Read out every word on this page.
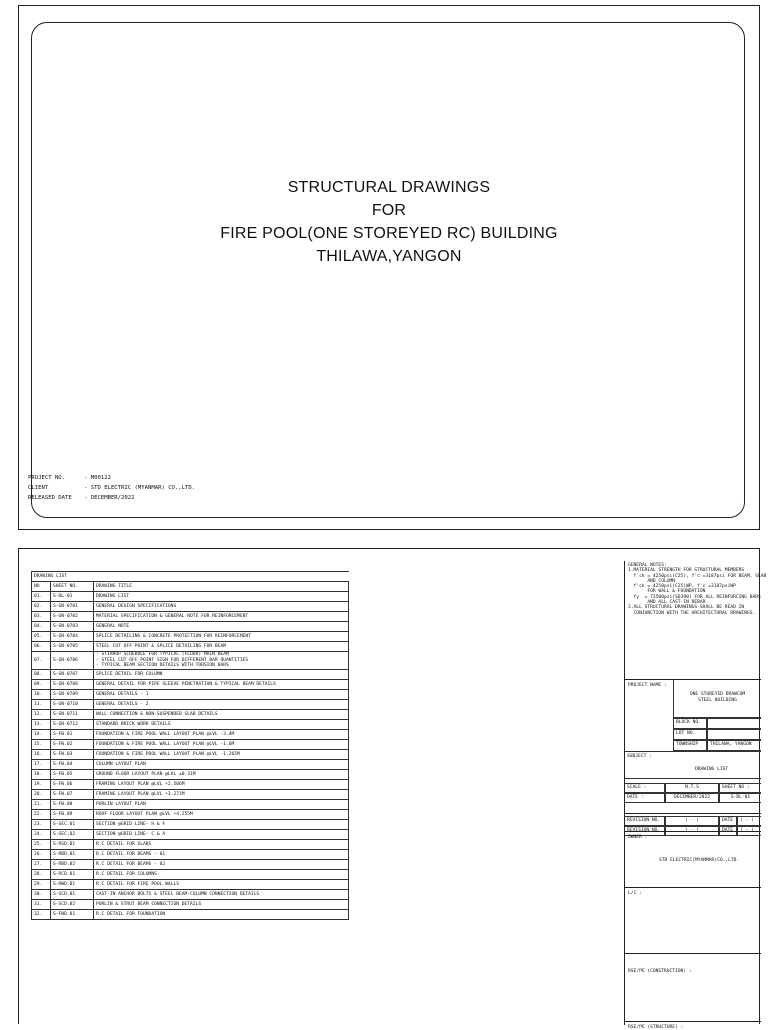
STRUCTURAL DRAWINGS
FOR
FIRE POOL(ONE STOREYED RC) BUILDING
THILAWA,YANGON
PROJECT NO.	- M00122
CLIENT	- STD ELECTRIC (MYANMAR) CO.,LTD.
RELEASED DATE	- DECEMBER/2022
DRAWING LIST		
NO	SHEET NO.	DRAWING TITLE
01.	S-DL-01	DRAWING LIST
02.	S-GN-0701	GENERAL DESIGN SPECIFICATIONS
03.	S-GN-0702	MATERIAL SPECIFICATION & GENERAL NOTE FOR REINFORCEMENT
04.	S-GN-0703	GENERAL NOTE
05.	S-GN-0704	SPLICE DETAILING & CONCRETE PROTECTION FOR REINFORCEMENT
06.	S-GN-0705	STEEL CUT OFF POINT & SPLICE DETAILING FOR BEAM
07.	S-GN-0706	- STIRRUP SCHEDULE FOR TYPICAL (FLOOR) MAIN BEAM
- STEEL CUT OFF POINT SIGN FOR DIFFERENT BAR QUANTITIES
- TYPICAL BEAM SECTION DETAILS WITH TORSION BARS

08.	S-GN-0707	SPLICE DETAIL FOR COLUMN
09.	S-GN-0708	GENERAL DETAIL FOR PIPE SLEEVE PENETRATION & TYPICAL BEAM DETAILS
10.	S-GN-0709	GENERAL DETAILS - 1
11.	S-GN-0710	GENERAL DETAILS - 2
12.	S-GN-0711	WALL CONNECTION & NON-SUSPENDED SLAB DETAILS
13.	S-GN-0712	STANDARD BRICK WORK DETAILS
14.	S-FW.01	FOUNDATION & FIRE POOL WALL LAYOUT PLAN @LVL -3.4M
15.	S-FW.02	FOUNDATION & FIRE POOL WALL LAYOUT PLAN @LVL -1.6M
16.	S-FW.03	FOUNDATION & FIRE POOL WALL LAYOUT PLAN @LVL -1.265M
17.	S-FW.04	COLUMN LAYOUT PLAN
18.	S-FW.05	GROUND FLOOR LAYOUT PLAN @LVL ±0.31M
19.	S-FW.06	FRAMING LAYOUT PLAN @LVL +2.506M
20.	S-FW.07	FRAMING LAYOUT PLAN @LVL +3.271M
21.	S-FW.08	PURLIN LAYOUT PLAN
22.	S-FW.09	ROOF FLOOR LAYOUT PLAN @LVL +4.255M
23.	S-SEC.01	SECTION @GRID LINE- H & F
24.	S-SEC.02	SECTION @GRID LINE- C & A
25.	S-RSD.01	R.C DETAIL FOR SLABS
26.	S-RBD.01	R.C DETAIL FOR BEAMS - 01
27.	S-RBD.02	R.C DETAIL FOR BEAMS - 02
28.	S-RCD.01	R.C DETAIL FOR COLUMNS
29.	S-RWD.01	R.C DETAIL FOR FIRE POOL WALLS
30.	S-SCD.01	CAST-IN ANCHOR BOLTS & STEEL BEAM-COLUMN CONNECTION DETAILS
31.	S-SCD.02	PURLIN & STRUT BEAM CONNECTION DETAILS
32.	S-FND.01	R.C DETAIL FOR FOUNDATION
GENERAL NOTES:
1.MATERIAL STRENGTH FOR STRUCTURAL MEMBERS
f'ck = 4250psi(C25), f'c =3187psi FOR BEAM, SLAB
AND COLUMN
f'ck = 4250psi(C25)WP, f'c =3187psiWP
FOR WALL & FOUNDATION
fy  = 72500psi(SD390) FOR ALL REINFORCING BARS
AND ALL CAST-IN REBAR
2.ALL STRUCTURAL DRAWINGS SHALL BE READ IN
CONJUNCTION WITH THE ARCHITECTURAL DRAWINGS.
PROJECT NAME :
ONE STOREYED DRAWCOM
STEEL BUILDING
BLOCK NO.
LOT NO.
TOWNSHIP	THILAWA, YANGON
SUBJECT :
DRAWING LIST
SCALE :	N.T.S	SHEET NO :
DATE :	DECEMBER/2022	S-DL-01
REVISION NO.	( - )	DATE	( - )
REVISION NO.	( - )	DATE	( - )
OWNER :
STD ELECTRIC(MYANMAR)CO.,LTD.
L/C :
RSE/PE (CONSTRUCTION) :
RSE/PE (STRUCTURE) :
